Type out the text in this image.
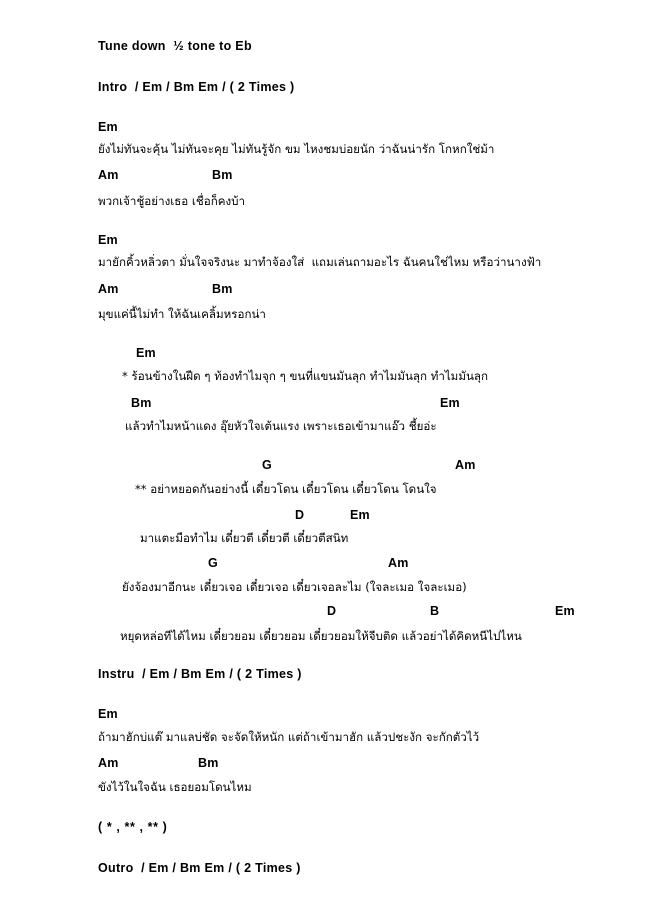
Tune down  ½ tone to Eb
Intro  / Em / Bm Em / ( 2 Times )
Em
ยังไม่ทันจะคุ้น ไม่ทันจะคุย ไม่ทันรู้จัก ขม ไหงชมบ่อยนัก ว่าฉันน่ารัก โกหกใช่ม้า
Am	Bm
พวกเจ้าชู้อย่างเธอ เชื่อก็คงบ้า
Em
มายักคิ้วหลิ่วตา มั่นใจจริงนะ มาทำจ้องใส่  แถมเล่นถามอะไร ฉันคนใช่ไหม หรือว่านางฟ้า
Am	Bm
มุขแค่นี้ไม่ทำ ให้ฉันเคลิ้มหรอกน่า
Em
* ร้อนข้างในฝืด ๆ ท้องทำไมจุก ๆ ขนที่แขนมันลุก ทำไมมันลุก ทำไมมันลุก
Bm	Em
แล้วทำไมหน้าแดง อุ๊ยหัวใจเต้นแรง เพราะเธอเข้ามาแอ๊ว ชี้ยอ่ะ
G	Am
** อย่าหยอดกันอย่างนี้ เดี๋ยวโดน เดี๋ยวโดน เดี๋ยวโดน โดนใจ
D	Em
มาแตะมือทำไม เดี๋ยวตี เดี๋ยวตี เดี๋ยวตีสนิท
G	Am
ยังจ้องมาอีกนะ เดี๋ยวเจอ เดี๋ยวเจอ เดี๋ยวเจอละไม (ใจละเมอ ใจละเมอ)
D	B	Em
หยุดหล่อทีได้ไหม เดี๋ยวยอม เดี๋ยวยอม เดี๋ยวยอมให้จีบติด แล้วอย่าได้คิดหนีไปไหน
Instru  / Em / Bm Em / ( 2 Times )
Em
ถ้ามาฮักบ่แต๊ มาแลบ่ชัด จะจัดให้หนัก แต่ถ้าเข้ามาฮัก แล้วปชะงัก จะกักตัวไว้
Am	Bm
ขังไว้ในใจฉัน เธอยอมโดนไหม
( * , ** , ** )
Outro  / Em / Bm Em / ( 2 Times )
